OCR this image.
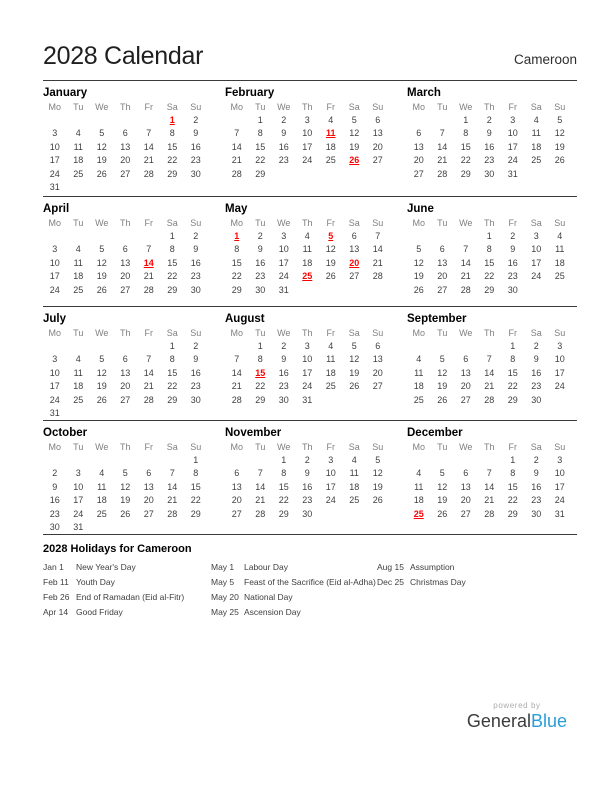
2028 Calendar	Cameroon
January
Mo	Tu	We	Th	Fr	Sa	Su
					1	2
3	4	5	6	7	8	9
10	11	12	13	14	15	16
17	18	19	20	21	22	23
24	25	26	27	28	29	30
31						
February
Mo	Tu	We	Th	Fr	Sa	Su
	1	2	3	4	5	6
7	8	9	10	11	12	13
14	15	16	17	18	19	20
21	22	23	24	25	26	27
28	29					
March
Mo	Tu	We	Th	Fr	Sa	Su
		1	2	3	4	5
6	7	8	9	10	11	12
13	14	15	16	17	18	19
20	21	22	23	24	25	26
27	28	29	30	31		
April
Mo	Tu	We	Th	Fr	Sa	Su
					1	2
3	4	5	6	7	8	9
10	11	12	13	14	15	16
17	18	19	20	21	22	23
24	25	26	27	28	29	30
May
Mo	Tu	We	Th	Fr	Sa	Su
1	2	3	4	5	6	7
8	9	10	11	12	13	14
15	16	17	18	19	20	21
22	23	24	25	26	27	28
29	30	31				
June
Mo	Tu	We	Th	Fr	Sa	Su
			1	2	3	4
5	6	7	8	9	10	11
12	13	14	15	16	17	18
19	20	21	22	23	24	25
26	27	28	29	30		
July
Mo	Tu	We	Th	Fr	Sa	Su
					1	2
3	4	5	6	7	8	9
10	11	12	13	14	15	16
17	18	19	20	21	22	23
24	25	26	27	28	29	30
31						
August
Mo	Tu	We	Th	Fr	Sa	Su
	1	2	3	4	5	6
7	8	9	10	11	12	13
14	15	16	17	18	19	20
21	22	23	24	25	26	27
28	29	30	31			
September
Mo	Tu	We	Th	Fr	Sa	Su
				1	2	3
4	5	6	7	8	9	10
11	12	13	14	15	16	17
18	19	20	21	22	23	24
25	26	27	28	29	30	
October
Mo	Tu	We	Th	Fr	Sa	Su
						1
2	3	4	5	6	7	8
9	10	11	12	13	14	15
16	17	18	19	20	21	22
23	24	25	26	27	28	29
30	31					
November
Mo	Tu	We	Th	Fr	Sa	Su
		1	2	3	4	5
6	7	8	9	10	11	12
13	14	15	16	17	18	19
20	21	22	23	24	25	26
27	28	29	30			
December
Mo	Tu	We	Th	Fr	Sa	Su
				1	2	3
4	5	6	7	8	9	10
11	12	13	14	15	16	17
18	19	20	21	22	23	24
25	26	27	28	29	30	31
2028 Holidays for Cameroon
Jan 1	New Year's Day
Feb 11 Youth Day
Feb 26 End of Ramadan (Eid al-Fitr)
Apr 14 Good Friday
May 1	Labour Day
May 5	Feast of the Sacrifice (Eid al-Adha)
May 20 National Day
May 25 Ascension Day
Aug 15 Assumption
Dec 25 Christmas Day
powered by
GeneralBlue
